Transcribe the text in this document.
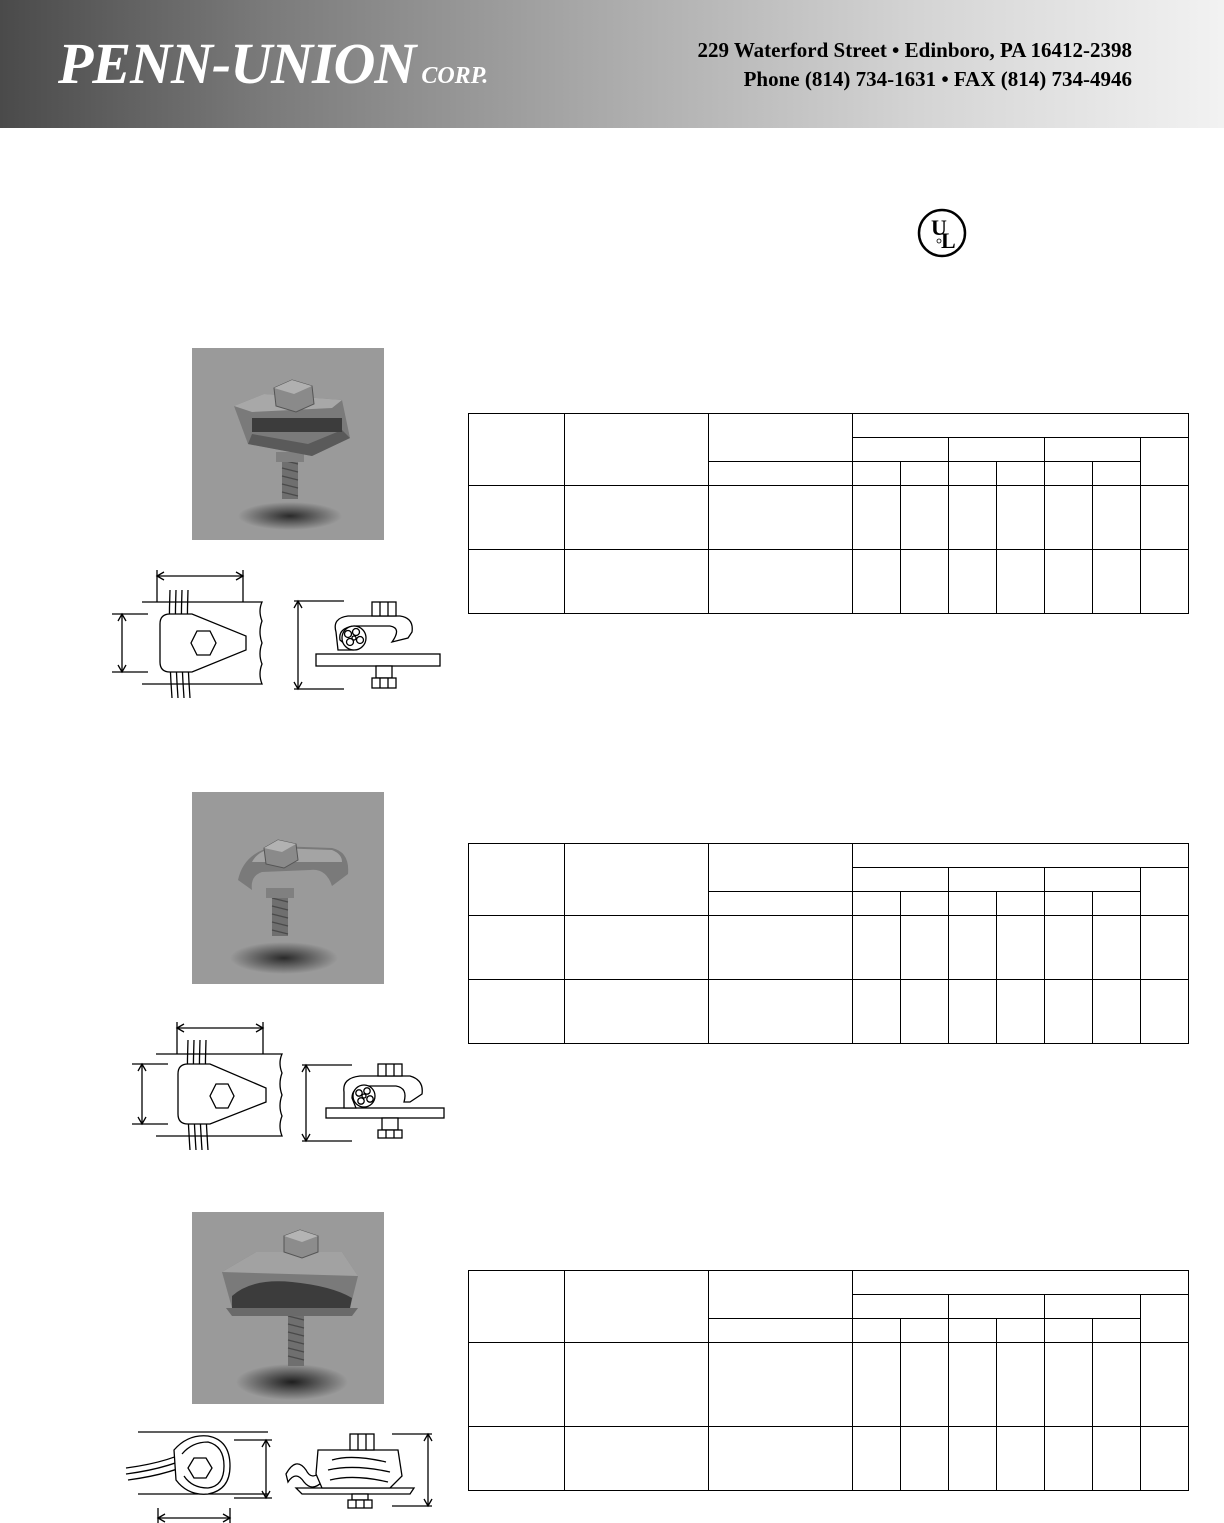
PENN-UNION CORP.
229 Waterford Street • Edinboro, PA 16412-2398
Phone (814) 734-1631 • FAX (814) 734-4946
U
L
